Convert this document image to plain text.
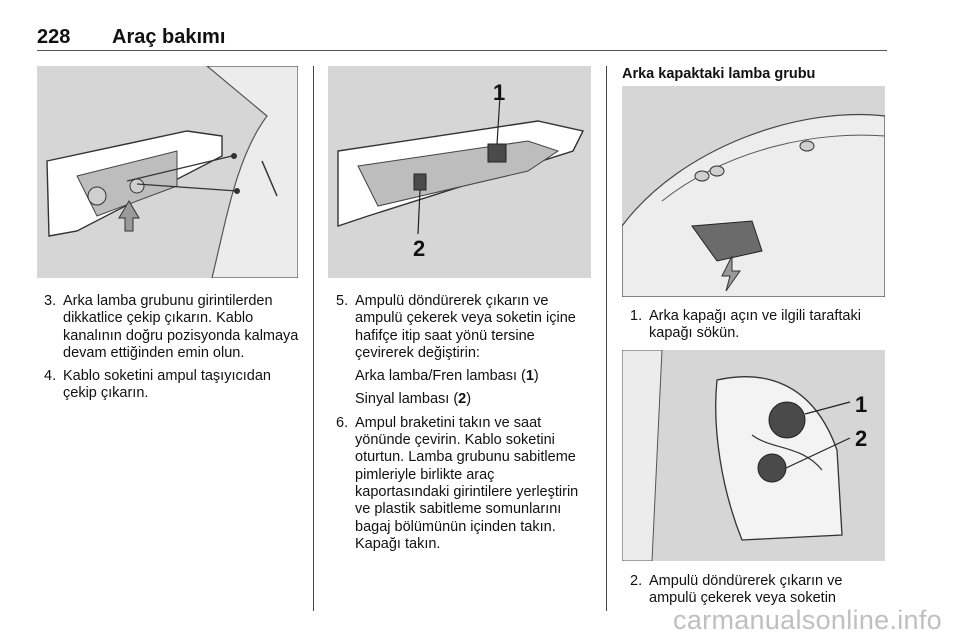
228 Araç bakımı
1
2
Arka kapaktaki lamba grubu
1
2
3. Arka lamba grubunu girintilerden dikkatlice çekip çıkarın. Kablo kanalının doğru pozisyonda kalmaya devam ettiğinden emin olun.
4. Kablo soketini ampul taşıyıcıdan çekip çıkarın.
5. Ampulü döndürerek çıkarın ve ampulü çekerek veya soketin içine hafifçe itip saat yönü tersine çevirerek değiştirin:
Arka lamba/Fren lambası (1)
Sinyal lambası (2)
6. Ampul braketini takın ve saat yönünde çevirin. Kablo soketini oturtun. Lamba grubunu sabitleme pimleriyle birlikte araç kaportasındaki girintilere yerleştirin ve plastik sabitleme somunlarını bagaj bölümünün içinden takın. Kapağı takın.
1. Arka kapağı açın ve ilgili taraftaki kapağı sökün.
2. Ampulü döndürerek çıkarın ve ampulü çekerek veya soketin
carmanualsonline.info
